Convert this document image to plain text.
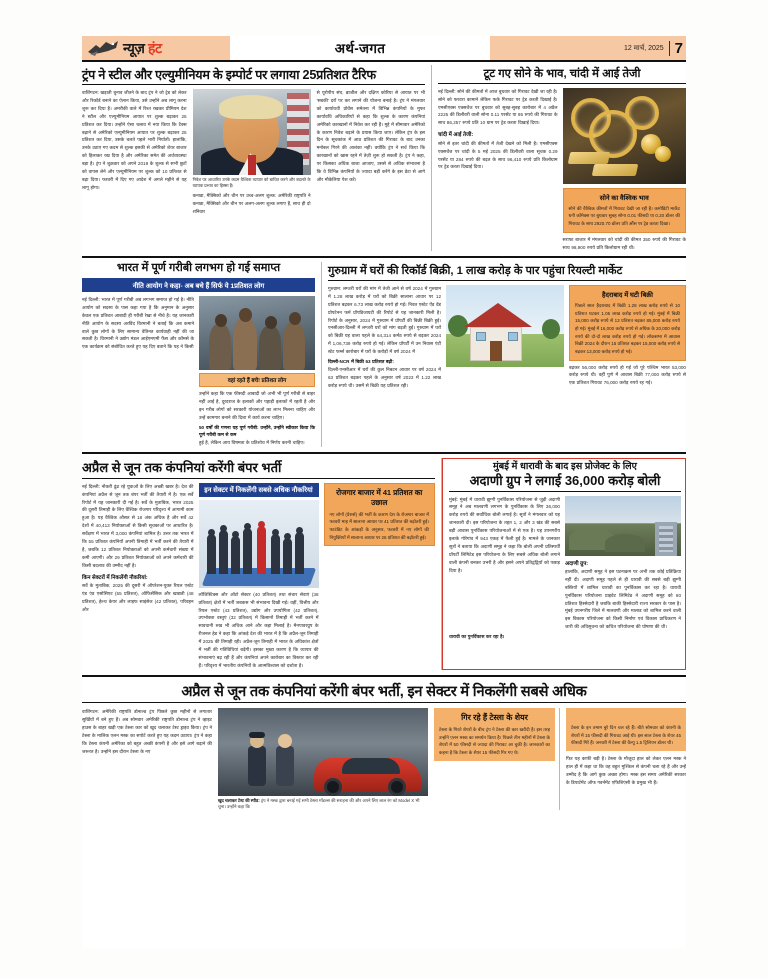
न्यूज़ हंट	अर्थ-जगत	12 मार्च, 2025 7
ट्रंप ने स्टील और एल्युमीनियम के इम्पोर्ट पर लगाया 25प्रतिशत टैरिफ
वाशिंगटन: खड़ाती चुनाव जीतने के बाद ट्रंप ने जो ट्रेड को लेकर और रिकॉर्ड बनाने का ऐलान किया, उसे उन्होंने अब लागू करना शुरू कर दिया है। अमरीकी वाले में रिश्त रखकर प्रीमियम देश ने स्टील और एल्युमीनियम आयात पर शुल्क बढ़ाकर 25 प्रतिशत कर दिया। उन्होंने ऐसा चलाव में नया किया कि टैक्स बढ़ाने से अमेरिको एल्युमीनियम आयात पर शुल्क बढ़ाकर 25 प्रतिशत कर दिया, उसके चलते पहले भारी निर्यातों। हालांकि, उनके उठाए गए कदम से शुल्क इसकी से अमेरिको शेयर बाजार को हिलाकर रख दिया है और अमेरिका समेत की अर्थव्यवस्था बड़ा है। ट्रंप ने शुक्रवार को अपने 2019 के शुल्क से सभी छूटों को वापस लेने और एल्युमीनियम पर शुल्क को 10 प्रतिशत से बढ़ा दिया। फरवरी में दिए गए आदेश में अगले महीने से यह लागू होगा।
निवेश पर आधारित उनके कदम वैश्विक व्यापार को बाधित करने और बदलते के व्यापक प्रभाव का हिस्सा हैं।
कनाडा, मैक्सिको और चीन पर उच्च-अलग शुल्क: अमेरिकी राष्ट्रपति ने कनाडा, मैक्सिको और चीन पर अलग-अलग शुल्क लगाए हैं, साथ ही दो शनिवार
से यूरोपीय संघ, ब्राजील और दक्षिण कोरिया से आयात पर भी 'सबकी' दरों पर कर लगाने की योजना बनाई है। ट्रंप ने मंगलवार को कार्यावधी प्रोवेंस समेतना में विभिन्न कंपनियों के मुफ्त कार्यावधि अधिकारियों से कहा कि शुल्क के कारण कंपनियां अमेरिको कारखानों में निवेश कर रही हैं। मुद्दे में सीमावार अमेरिको के कारण निवेश बढ़ाने के प्रयास किया जाए। लेकिन ट्रंप के इस दिन के सूचकांक में आठ प्रतिशत की गिरावट के बाद उनका मनोबल गिरने की आशंका नहीं। क्योंकि ट्रंप ने सर्च किया कि कारखानों को खास रहने में तेज़ी शुरू हो सकती है। ट्रंप ने कहा, पर किसका अधिक बाजा आजाए, उससे से अधिक संभावना है कि वे विभिन्न कंपनियों के ज्यादा बड़ी करेंगे के इस डेटा से आगे और मौकेलिया पेश करें।
टूट गए सोने के भाव, चांदी में आई तेजी
नई दिल्ली: सोने की कीमतों में आज बुधवार को गिरावट देखी जा रही है। सोने को फरवरा कामाने लेकिन फर्क गिरावट पर ट्रेड करती दिखाई है। एमसीएक्स एक्सचेंज पर बुधवार को सुबह-सुबह कारोबार में 4 अप्रैल 2225 की डिलीवरी वाली सोना 0.11 परसेंट या 95 रुपये की गिरावट के साथ 86,257 रुपये प्रति 10 ग्राम पर ट्रेड करता दिखाई दिया।
चांदी में आई तेजी:
सोने से इतर चांदी की कीमतों में तेजी देखने को मिली है। एमसीएक्स एक्सचेंज पर चांदी के 5 मई 2025 की डिलीवरी वाला सूचक 0.29 परसेंट या 284 रुपये की बढ़त के साथ 96,410 रुपये प्रति किलोग्राम पर ट्रेड करता दिखाई दिया।
सोने का वैश्विक भाव
सोने की वैश्विक कीमतों में गिरावट देखी जा रही है। कमोडिटी मार्केट धनी कॉमेक्स पर बुधवार सुबह सोना 0.01 फीसदी या 0.20 डॉलर की गिरावट के साथ 2920.70 डॉलर प्रति औंस पर ट्रेड करता दिखा।
सराफा बाजार में मंगलवार को चांदी की कीमत 350 रुपये की गिरावट के साथ 98,900 रुपये प्रति किलोग्राम रही थी।
भारत में पूर्ण गरीबी लगभग हो गई समाप्त
नीति आयोग ने कहा- अब बचे हैं सिर्फ ये 1प्रतिशत लोग
नई दिल्ली: भारत में पूर्ण गरीबी अब लगभग समाप्त हो गई है। नीति आयोग को सदस्य के पास कहा गया है कि अनुमान के अनुसार केवल एक प्रतिशत आबादी ही गरीबी रेखा से नीचे है। यह जानकारी नीति आयोग के सदस्य अरविंद विरमानी ने बताई कि अब कमाने वाले कुछ लोगों के लिए सामान्य वेतिनत कार्यवाही नहीं की जा सकती है। विरमानी ने उद्योग मंडल आईएमएमी फैंस और कॉमर्स के एक कार्यक्रम को संबोधित करते हुए यह दिए बताने कि यह ने किसी
वहां रहते हैं बचे! प्रतिशत लोग
उन्होंने कहा कि एक फीसदी आबादी जो अभी भी पूर्ण गरीबी से बाहर नहीं आई है, दूरदराज के इलाकों और पहाड़ी इलाकों में रहती है और इन गरीब लोगों को सरकारी योजनाओं का लाभ मिलना चाहिए और उन्हें कामगार बनाने की दिशा में कार्य करना चाहिए।
50 वर्षों की गणना यह पूर्ण गरीबी: उन्होंने, उन्होंने स्वीकार किया कि पूर्ण गरीबी कम से कम
हुई है, लेकिन आय विषमता के प्रतिशोध में निर्णय करनी चाहिए।
गुरुग्राम में घरों की रिकॉर्ड बिक्री, 1 लाख करोड़ के पार पहुंचा रियल्टी मार्केट
गुरुग्राम: लग्जरी घरों की मांग में तेजी आने से वर्ष 2024 में गुरुग्राम में 1.28 लाख करोड़ में घरों को बिक्री सालाना आधार पर 12 प्रतिशत बढ़कर 6.73 लाख करोड़ रुपये हो गई। निवत एस्टेट ऐंड वेंड प्रोपटेनन फर्म प्रॉपडिजायटी की रिपोर्ट से यह जानकारी मिली है। रिपोर्ट के अनुसार, 2024 में गुरुग्राम में प्रॉपर्टी की बिक्री बिक्री हुई। एनसीआर-दिल्ली में लग्जरी घरों को मांग बढ़ती हुई। गुरुग्राम में घरों को बिक्री यह वाला पहले के 64,314 कर्मठ रुपये से बढ़कर 2024 में 1,06,739 करोड़ रुपये हो गई। लेकिन प्रॉपर्टी में उन निवास एंटी स्टेट फर्म्स कारोबार में घरों के करोड़ों में वर्ष 2024 में
दिल्ली-NCR में बिक्री 63 प्रतिशत बढ़ी:
दिल्ली-एनसीआर में घरों की कुल निबटन आधार पर वर्ष 2024 में 63 प्रतिशत बढ़कर पहले के अनुसार वर्ष 2023 में 1.22 लाख करोड़ रुपये थी। उसमें से बिक्री यह प्रतिशत रही।

हैदराबाद में घटी बिक्री
पिछले साल हैदराबाद में बिक्री 1.28 लाख करोड़ रुपये से 10 प्रतिशत घटकर 1.05 लाख करोड़ रुपये हो गई। मुंबई में बिक्री 15,000 करोड़ रुपये से 13 प्रतिशत बढ़कर 85,000 करोड़ रुपये हो गई। मुंबई में 16,000 करोड़ रुपये से अधिक के 20,000 करोड़ रुपये की दो-दो लाख करोड़ रुपये हो गई। लोकसभा में आवास बिक्री 2024 के दौरान 15 प्रतिशत बढ़कर 15,000 करोड़ रुपये से बढ़कर 13,000 करोड़ रुपये हो गई।
बढ़कर 56,000 करोड़ रुपये हो गई जो पूरे पश्चिम भारत 53,000 करोड़ रुपये थी। वहीं पुणे में आवास बिक्री 77,000 करोड़ रुपये से एक प्रतिशत गिरावट 76,000 करोड़ रुपये रह गई।
अप्रैल से जून तक कंपनियां करेंगी बंपर भर्ती
नई दिल्ली: नौकरी ढूंढ रहे युवाओं के लिए अच्छी खबर है। देश की कंपनियां अप्रैल से जून तक बंपर भर्ती की तैयारी में है। एक सर्वे रिपोर्ट में यह जानकारी दी गई है। सर्वे के मुताबिक, भारत 2025 की दूसरी तिमाही के लिए वैश्विक रोजगार परिदृश्य में आगामी काम हुआ है। यह वैश्विक औसत से 18 अंक अधिक है और सर्वे 42 देशों में 40,413 नियोक्ताओं से किसी सूचकाओं पर आधारित है। सर्वेक्षण में भारत में 3,000 कंपनियां शामिल है। उत्तर तक भारत में कि 55 प्रतिशत कंपनियों अपनी तिमाही में भर्ती करने की तैयारी में है, जबकि 12 प्रतिशत नियोक्ताओं को अपनी कर्मचारी संख्या में कमी आएगी। और 29 प्रतिशत नियोक्ताओं को अपने कर्मचारी की किसी बदलाव की उम्मीद नहीं है।
किन सेक्टरों में निकलेंगी नौकरियां:
सर्वे के मुताबिक, 2025 की दूसरी में ऑपरेशन-युक्त रियल एस्टेट एंड एंड एसोसिएट (55 प्रतिशत), ऑफिसेंसिक और खाद्यती (48 प्रतिशत), हेल्थ केयर और लाइफ साइंसेज (42 प्रतिशत), परिवहन और
इन सेक्टर में निकलेंगी सबसे अधिक नौकरियां
लॉजिस्टिक्स और ऑटो सेक्टर (40 प्रतिशत) तथा संचार सेवाएं (38 प्रतिशत) क्षेत्रों में भर्ती जबकस भी संभावना दिखी गई। वहीं, वित्तीय और रियल एस्टेट (43 प्रतिशत), उद्योग और उपयोगिता (42 प्रतिशत), उपभोक्ता वस्तुएं (32 प्रतिशत) में किसानों तिमाही में भर्ती करने में सावधानी रुख भी अधिक आने और कहा मिलाई है। मैनपावरग्रुप के रीजनल हेड ने कहा कि आंकड़े देश की भारत में है कि अप्रैल-जून तिमाही में 2025 की तिमाही रही। अप्रैल-जून तिमाही में भारत के अधिकांश क्षेत्रों में भर्ती की गतिविधियां बढ़ेंगी। इसका मुख्य कारण है कि व्यापार की संभावनाएं बढ़ रही हैं और कंपनियां अपने कारोबार का विस्तार कर रही हैं। परिदृश्य में भारतीय कंपनियों के आत्मविश्वास को दर्शाता है।
रोजगार बाजार में 41 प्रतिशत का उछाल
नए लोगों (प्रेशर्स) की भर्ती के कारण देश के रोजगार बाजार में फरवरी माह में सालाना आधार पर 41 प्रतिशत की बढ़ोतरी हुई। फाउंडिट के आंकड़ों के अनुसार, फरवरी में नए लोगों की नियुक्तियों में सालाना आधार पर 26 प्रतिशत की बढ़ोतरी हुई।
मुंबई में धारावी के बाद इस प्रोजेक्ट के लिए
अदाणी ग्रुप ने लगाई 36,000 करोड़ बोली
मुंबई: मुंबई में धारावी झुग्गी पुनर्विकास परियोजना से जुड़ी अदाणी समूह ने अब मालवणी लगभग के पुनर्विकास के लिए 36,000 करोड़ रुपये की सर्वाधिक बोली लगाई है। सूत्रों ने मंगलवार को यह जानकारी दी। इस परियोजना के तहत 1, 2 और 3 खंड की सबसे बड़ी आवास पुनर्विकास परियोजनाओं में से एक है। यह उपनगरीय इलाके गोरेगांव में 943 एकड़ में फैली हुई है। मामले के जानकार सूत्रों ने बताया कि अदाणी समूह ने कहा कि बोली अपनी प्रतिस्पर्धी प्रॉपर्टी लिमिटेड इस परियोजना के लिए सबसे अधिक बोली लगाने वाली कंपनी बनकर उभरी है और इसने अपने प्रतिद्वंद्वियों को पछाड़ दिया है।
अदाणी ग्रुप:
हालांकि, अदाणी समूह ने इस घटनाक्रम पर अभी तक कोई प्रतिक्रिया नहीं दी। अदाणी समूह पहले से ही धारावी की सबसे बड़ी झुग्गी बस्तियों में शामिल धारावी का पुनर्विकास कर रहा है। धारावी पुनर्विकास परियोजना प्राइवेट लिमिटेड ने अदाणी समूह को 80 प्रतिशत हिस्सेदारी है जबकि बाकी हिस्सेदारी राज्य सरकार के पास है। मुंबई उपनगरीय जिले में मालवणी और मालाड को शामिल करने वाली इस विकास परियोजना को किसी निर्माण एवं विकास प्राधिकरण ने जारी की अधिसूचना को कथित परियोजना की घोषणा की थी।
धारावी का पुनर्विकास कर रहा है।
अप्रैल से जून तक कंपनियां करेंगी बंपर भर्ती, इन सेक्टर में निकलेंगी सबसे अधिक
वाशिंगटन: अमेरिकी राष्ट्रपति डोनाल्ड ट्रंप पिछले कुछ महीनों से लगातार सुर्खियों में बने हुए हैं। अब सोमवार अमेरिकी राष्ट्रपति डोनाल्ड ट्रंप ने व्हाइट हाउस के बाहर खड़ी एक टेस्ला कार को खुद चलाकर टेस्ट ड्राइव किया। ट्रंप ने टेस्ला के मालिक एलन मस्क का सपोर्ट करते हुए यह कदम उठाया। ट्रंप ने कहा कि टेस्ला कंपनी अमेरिका को बहुत अच्छी कंपनी है और इसे आगे बढ़ाने की जरूरत है। उन्होंने इस दौरान टेस्ला के नए
खुद चलाकर टेस्ट की स्पीड: ट्रंप ने मस्क द्वारा बनाई गई सभी टेस्ला मॉडल्स की सराहना की और अपने लिए लाल रंग को Model X भी चुना। उन्होंने कहा कि
गिर रहे हैं टेस्ला के शेयर
टेस्ला के गिरते शेयरों के बीच ट्रंप ने टेस्ला की कार खरीदी है। इस तरह उन्होंने एलन मस्क का समर्थन किया है। पिछले तीन महीनों में टेस्ला के शेयरों में 50 फीसदी से ज्यादा की गिरावट आ चुकी है। जानकारों का कहना है कि टेस्ला के शेयर 15 फीसदी गिर गए थे।
टेस्ला के इन तमाम बुरे दिन चल रहे हैं। बीते सोमवार को कंपनी के शेयरों में 15 फीसदी की गिरावट आई थी। इस साल टेस्ला के शेयर 45 फीसदी गिरे हैं। जनवरी में टेस्ला की वैल्यू 1.5 ट्रिलियन डॉलर थी।
फिर यह काफी बड़ी है। टेस्ला के मौजूदा हाल को लेकर एलन मस्क ने हाल ही में कहा था कि वह बहुत मुश्किल से कंपनी चला रहे हैं और उन्हें उम्मीद है कि आगे कुछ अच्छा होगा। मस्क इस समय अमेरिकी सरकार के डिपार्टमेंट ऑफ गवर्नमेंट एफिशिएंसी के प्रमुख भी हैं।
